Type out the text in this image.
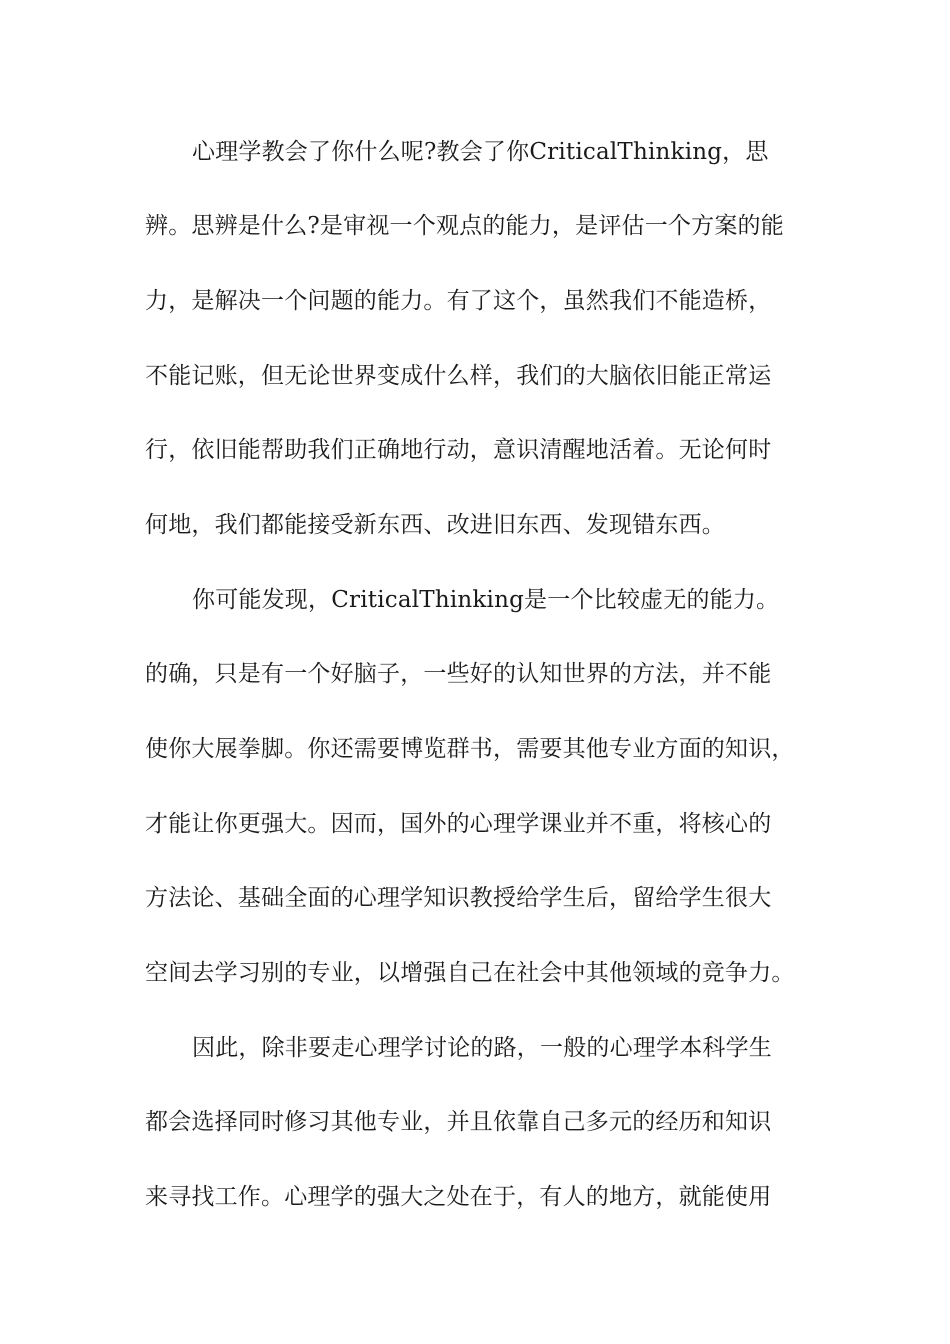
心理学教会了你什么呢?教会了你CriticalThinking，思
辨。思辨是什么?是审视一个观点的能力，是评估一个方案的能
力，是解决一个问题的能力。有了这个，虽然我们不能造桥，
不能记账，但无论世界变成什么样，我们的大脑依旧能正常运
行，依旧能帮助我们正确地行动，意识清醒地活着。无论何时
何地，我们都能接受新东西、改进旧东西、发现错东西。
你可能发现，CriticalThinking是一个比较虚无的能力。
的确，只是有一个好脑子，一些好的认知世界的方法，并不能
使你大展拳脚。你还需要博览群书，需要其他专业方面的知识，
才能让你更强大。因而，国外的心理学课业并不重，将核心的
方法论、基础全面的心理学知识教授给学生后，留给学生很大
空间去学习别的专业，以增强自己在社会中其他领域的竞争力。
因此，除非要走心理学讨论的路，一般的心理学本科学生
都会选择同时修习其他专业，并且依靠自己多元的经历和知识
来寻找工作。心理学的强大之处在于，有人的地方，就能使用
